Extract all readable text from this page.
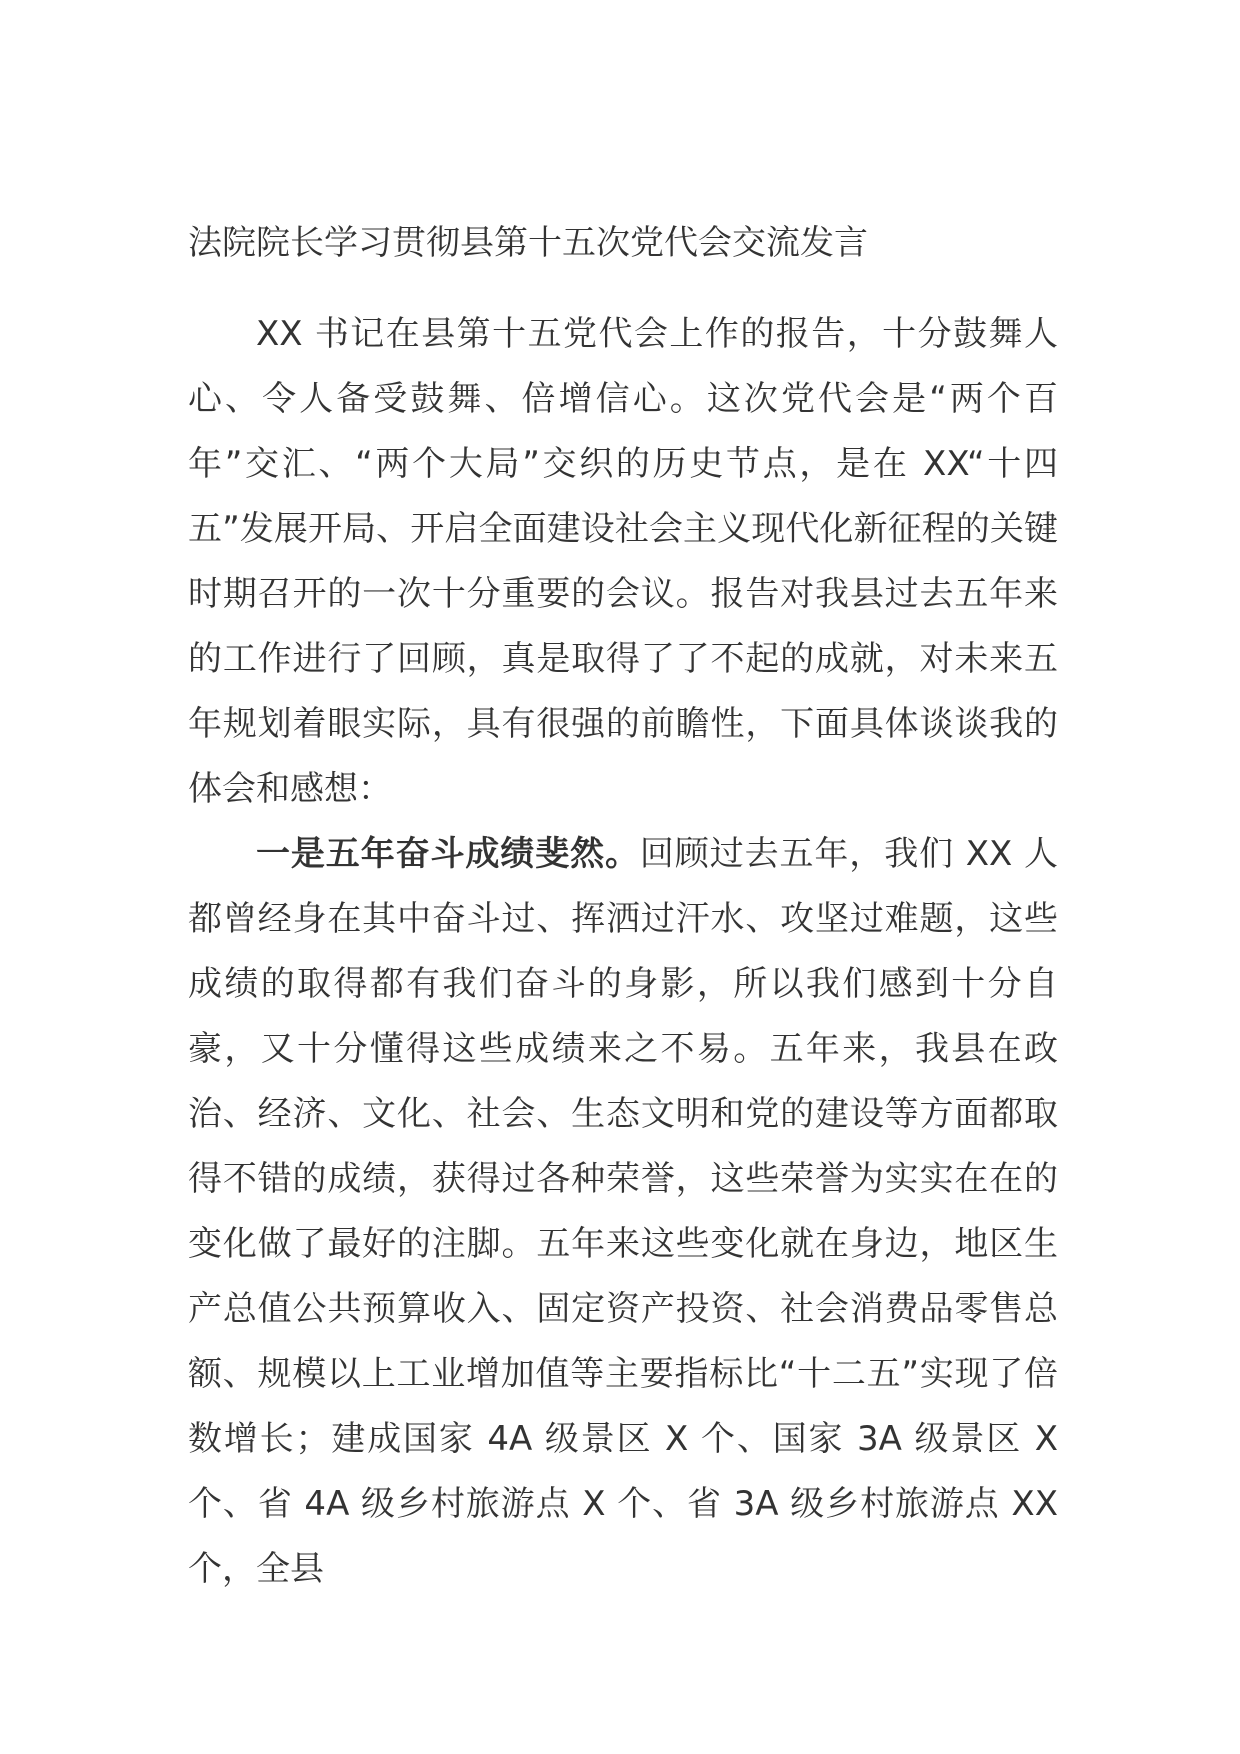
法院院长学习贯彻县第十五次党代会交流发言

XX 书记在县第十五党代会上作的报告，十分鼓舞人心、令人备受鼓舞、倍增信心。这次党代会是“两个百年”交汇、“两个大局”交织的历史节点，是在 XX“十四五”发展开局、开启全面建设社会主义现代化新征程的关键时期召开的一次十分重要的会议。报告对我县过去五年来的工作进行了回顾，真是取得了了不起的成就，对未来五年规划着眼实际，具有很强的前瞻性，下面具体谈谈我的体会和感想：

一是五年奋斗成绩斐然。回顾过去五年，我们 XX 人都曾经身在其中奋斗过、挥洒过汗水、攻坚过难题，这些成绩的取得都有我们奋斗的身影，所以我们感到十分自豪，又十分懂得这些成绩来之不易。五年来，我县在政治、经济、文化、社会、生态文明和党的建设等方面都取得不错的成绩，获得过各种荣誉，这些荣誉为实实在在的变化做了最好的注脚。五年来这些变化就在身边，地区生产总值公共预算收入、固定资产投资、社会消费品零售总额、规模以上工业增加值等主要指标比“十二五”实现了倍数增长；建成国家 4A 级景区 X 个、国家 3A 级景区 X 个、省 4A 级乡村旅游点 X 个、省 3A 级乡村旅游点 XX 个，全县
